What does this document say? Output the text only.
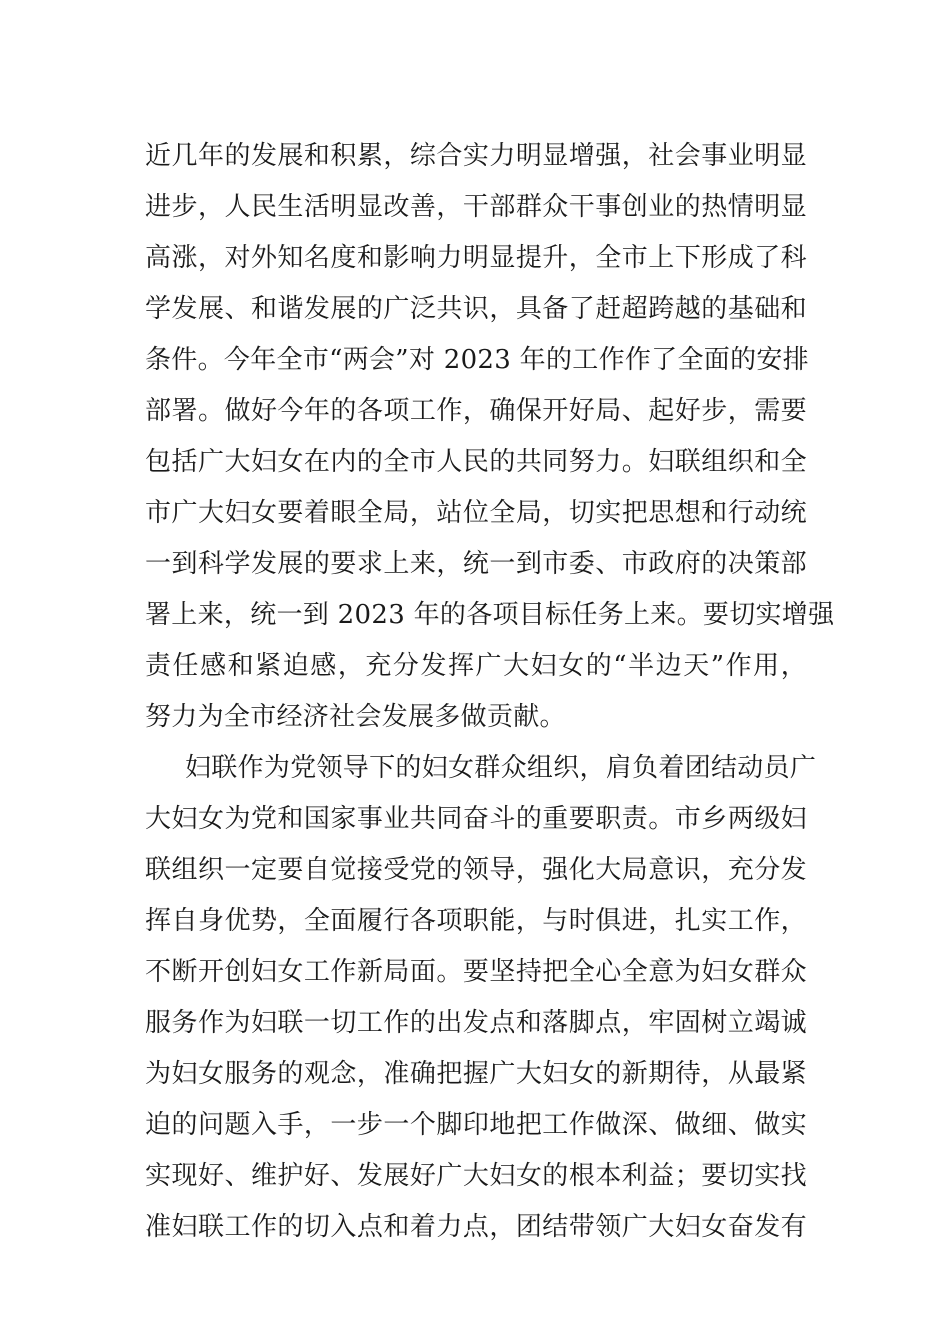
近几年的发展和积累，综合实力明显增强，社会事业明显
进步，人民生活明显改善，干部群众干事创业的热情明显
高涨，对外知名度和影响力明显提升，全市上下形成了科
学发展、和谐发展的广泛共识，具备了赶超跨越的基础和
条件。今年全市“两会”对 2023 年的工作作了全面的安排
部署。做好今年的各项工作，确保开好局、起好步，需要
包括广大妇女在内的全市人民的共同努力。妇联组织和全
市广大妇女要着眼全局，站位全局，切实把思想和行动统
一到科学发展的要求上来，统一到市委、市政府的决策部
署上来，统一到 2023 年的各项目标任务上来。要切实增强
责任感和紧迫感，充分发挥广大妇女的“半边天”作用，
努力为全市经济社会发展多做贡献。
妇联作为党领导下的妇女群众组织，肩负着团结动员广
大妇女为党和国家事业共同奋斗的重要职责。市乡两级妇
联组织一定要自觉接受党的领导，强化大局意识，充分发
挥自身优势，全面履行各项职能，与时俱进，扎实工作，
不断开创妇女工作新局面。要坚持把全心全意为妇女群众
服务作为妇联一切工作的出发点和落脚点，牢固树立竭诚
为妇女服务的观念，准确把握广大妇女的新期待，从最紧
迫的问题入手，一步一个脚印地把工作做深、做细、做实
实现好、维护好、发展好广大妇女的根本利益；要切实找
准妇联工作的切入点和着力点，团结带领广大妇女奋发有
